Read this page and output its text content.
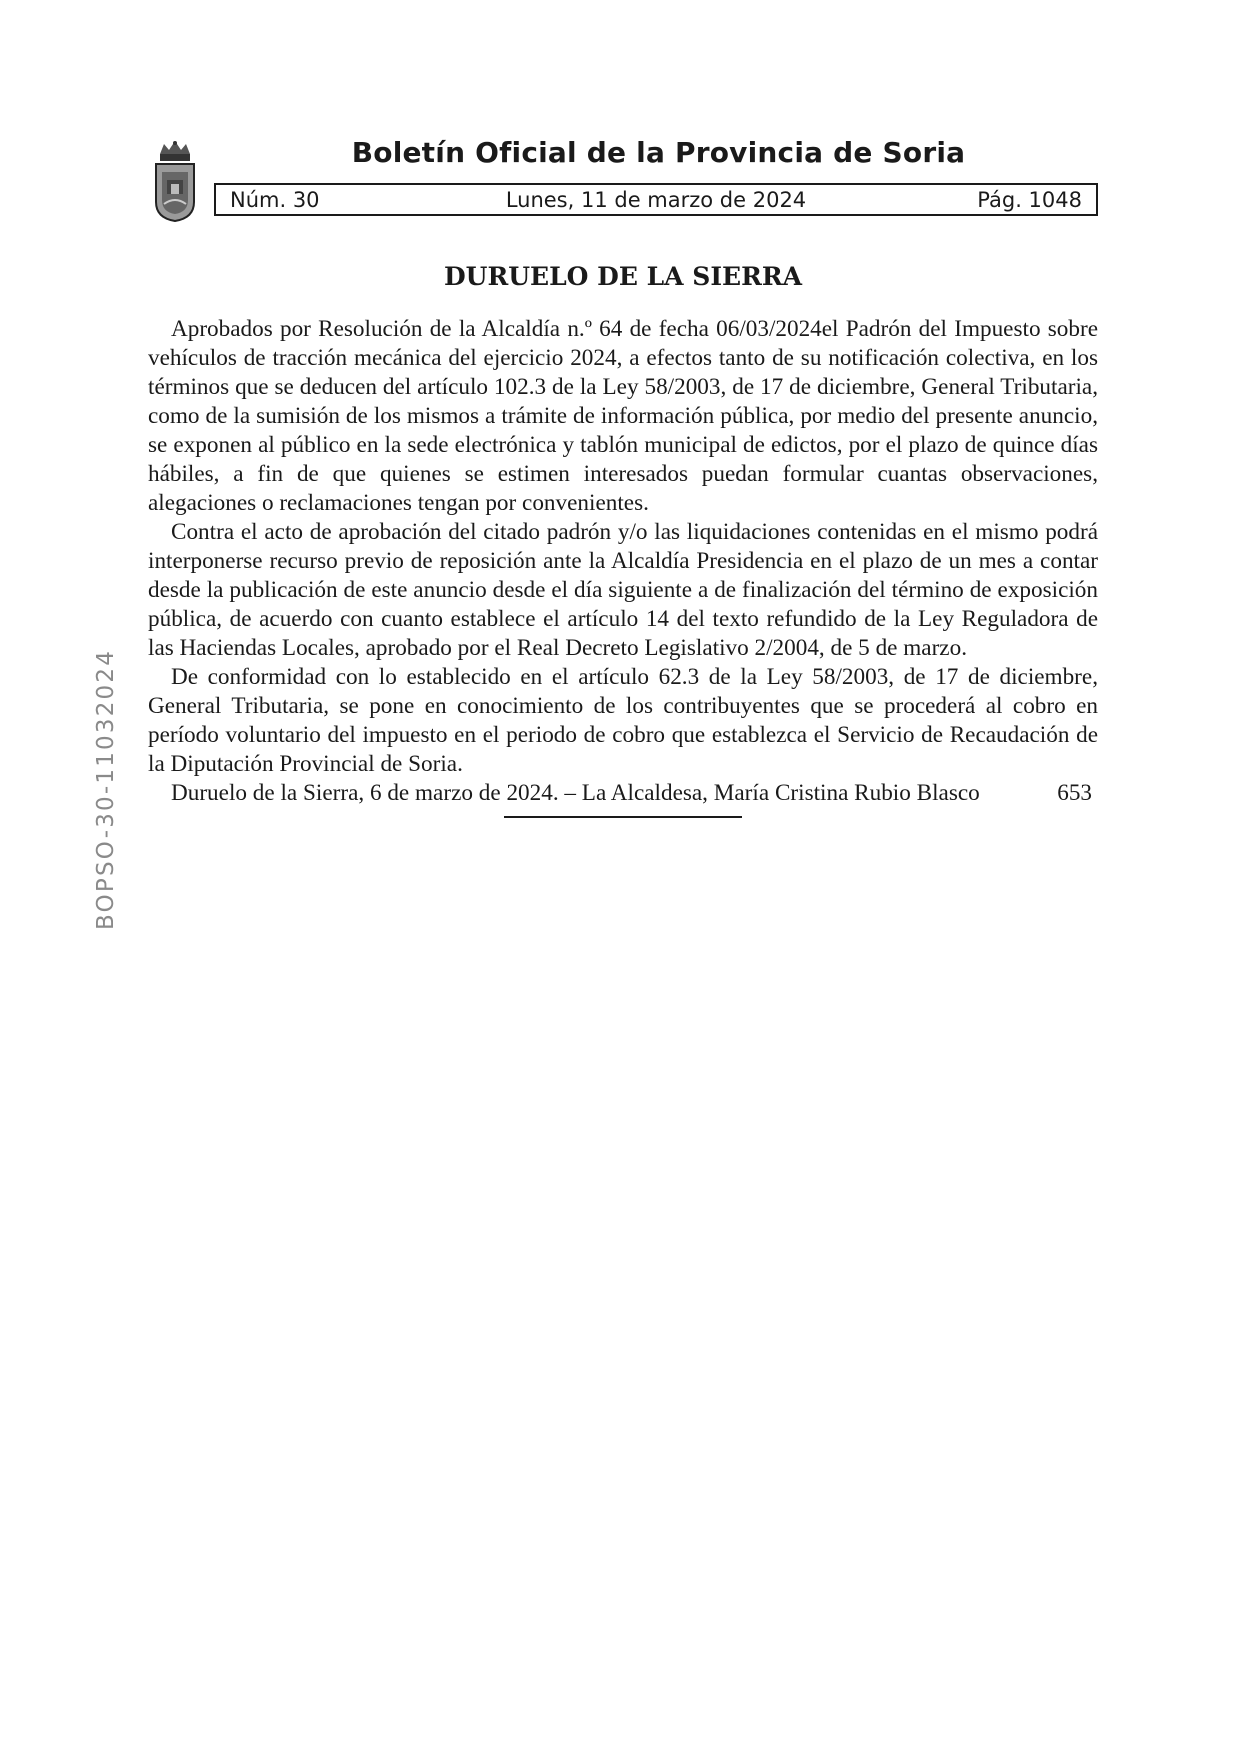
Boletín Oficial de la Provincia de Soria
Lunes, 11 de marzo de 2024
Núm. 30	Pág. 1048
BOPSO-30-11032024
DURUELO DE LA SIERRA

Aprobados por Resolución de la Alcaldía n.º 64 de fecha 06/03/2024el Padrón del Impuesto sobre vehículos de tracción mecánica del ejercicio 2024, a efectos tanto de su notificación colectiva, en los términos que se deducen del artículo 102.3 de la Ley 58/2003, de 17 de diciembre, General Tributaria, como de la sumisión de los mismos a trámite de información pública, por medio del presente anuncio, se exponen al público en la sede electrónica y tablón municipal de edictos, por el plazo de quince días hábiles, a fin de que quienes se estimen interesados puedan formular cuantas observaciones, alegaciones o reclamaciones tengan por convenientes.

Contra el acto de aprobación del citado padrón y/o las liquidaciones contenidas en el mismo podrá interponerse recurso previo de reposición ante la Alcaldía Presidencia en el plazo de un mes a contar desde la publicación de este anuncio desde el día siguiente a de finalización del término de exposición pública, de acuerdo con cuanto establece el artículo 14 del texto refundido de la Ley Reguladora de las Haciendas Locales, aprobado por el Real Decreto Legislativo 2/2004, de 5 de marzo.

De conformidad con lo establecido en el artículo 62.3 de la Ley 58/2003, de 17 de diciembre, General Tributaria, se pone en conocimiento de los contribuyentes que se procederá al cobro en período voluntario del impuesto en el periodo de cobro que establezca el Servicio de Recaudación de la Diputación Provincial de Soria.

Duruelo de la Sierra, 6 de marzo de 2024. – La Alcaldesa, María Cristina Rubio Blasco	653
